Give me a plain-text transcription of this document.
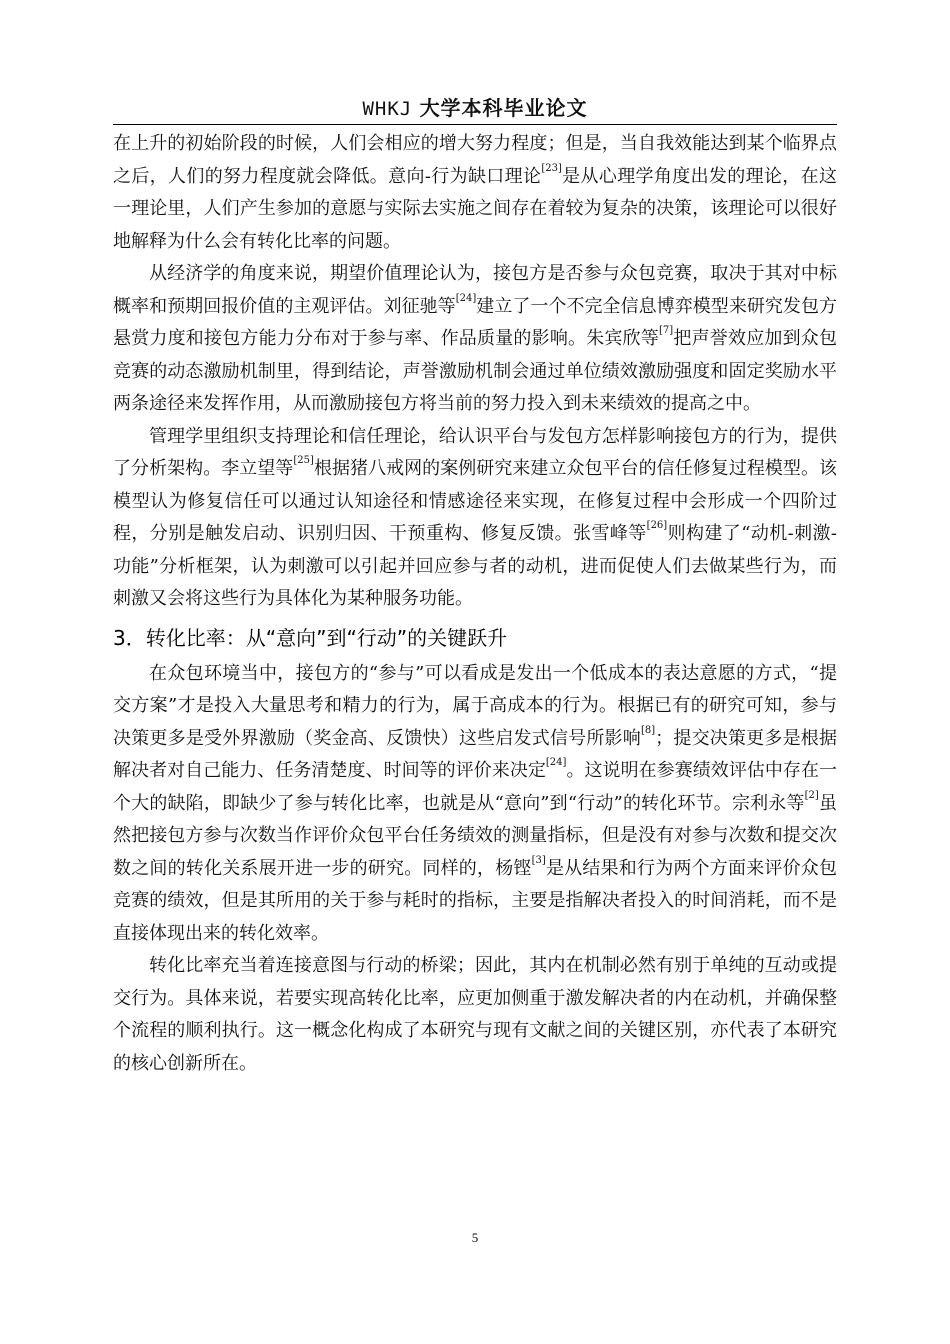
WHKJ 大学本科毕业论文

在上升的初始阶段的时候，人们会相应的增大努力程度；但是，当自我效能达到某个临界点之后，人们的努力程度就会降低。意向-行为缺口理论[23]是从心理学角度出发的理论，在这一理论里，人们产生参加的意愿与实际去实施之间存在着较为复杂的决策，该理论可以很好地解释为什么会有转化比率的问题。

从经济学的角度来说，期望价值理论认为，接包方是否参与众包竞赛，取决于其对中标概率和预期回报价值的主观评估。刘征驰等[24]建立了一个不完全信息博弈模型来研究发包方悬赏力度和接包方能力分布对于参与率、作品质量的影响。朱宾欣等[7]把声誉效应加到众包竞赛的动态激励机制里，得到结论，声誉激励机制会通过单位绩效激励强度和固定奖励水平两条途径来发挥作用，从而激励接包方将当前的努力投入到未来绩效的提高之中。

管理学里组织支持理论和信任理论，给认识平台与发包方怎样影响接包方的行为，提供了分析架构。李立望等[25]根据猪八戒网的案例研究来建立众包平台的信任修复过程模型。该模型认为修复信任可以通过认知途径和情感途径来实现，在修复过程中会形成一个四阶过程，分别是触发启动、识别归因、干预重构、修复反馈。张雪峰等[26]则构建了“动机-刺激-功能”分析框架，认为刺激可以引起并回应参与者的动机，进而促使人们去做某些行为，而刺激又会将这些行为具体化为某种服务功能。

3．转化比率：从“意向”到“行动”的关键跃升

在众包环境当中，接包方的“参与”可以看成是发出一个低成本的表达意愿的方式，“提交方案”才是投入大量思考和精力的行为，属于高成本的行为。根据已有的研究可知，参与决策更多是受外界激励（奖金高、反馈快）这些启发式信号所影响[8]；提交决策更多是根据解决者对自己能力、任务清楚度、时间等的评价来决定[24]。这说明在参赛绩效评估中存在一个大的缺陷，即缺少了参与转化比率，也就是从“意向”到“行动”的转化环节。宗利永等[2]虽然把接包方参与次数当作评价众包平台任务绩效的测量指标，但是没有对参与次数和提交次数之间的转化关系展开进一步的研究。同样的，杨铿[3]是从结果和行为两个方面来评价众包竞赛的绩效，但是其所用的关于参与耗时的指标，主要是指解决者投入的时间消耗，而不是直接体现出来的转化效率。

转化比率充当着连接意图与行动的桥梁；因此，其内在机制必然有别于单纯的互动或提交行为。具体来说，若要实现高转化比率，应更加侧重于激发解决者的内在动机，并确保整个流程的顺利执行。这一概念化构成了本研究与现有文献之间的关键区别，亦代表了本研究的核心创新所在。

5
